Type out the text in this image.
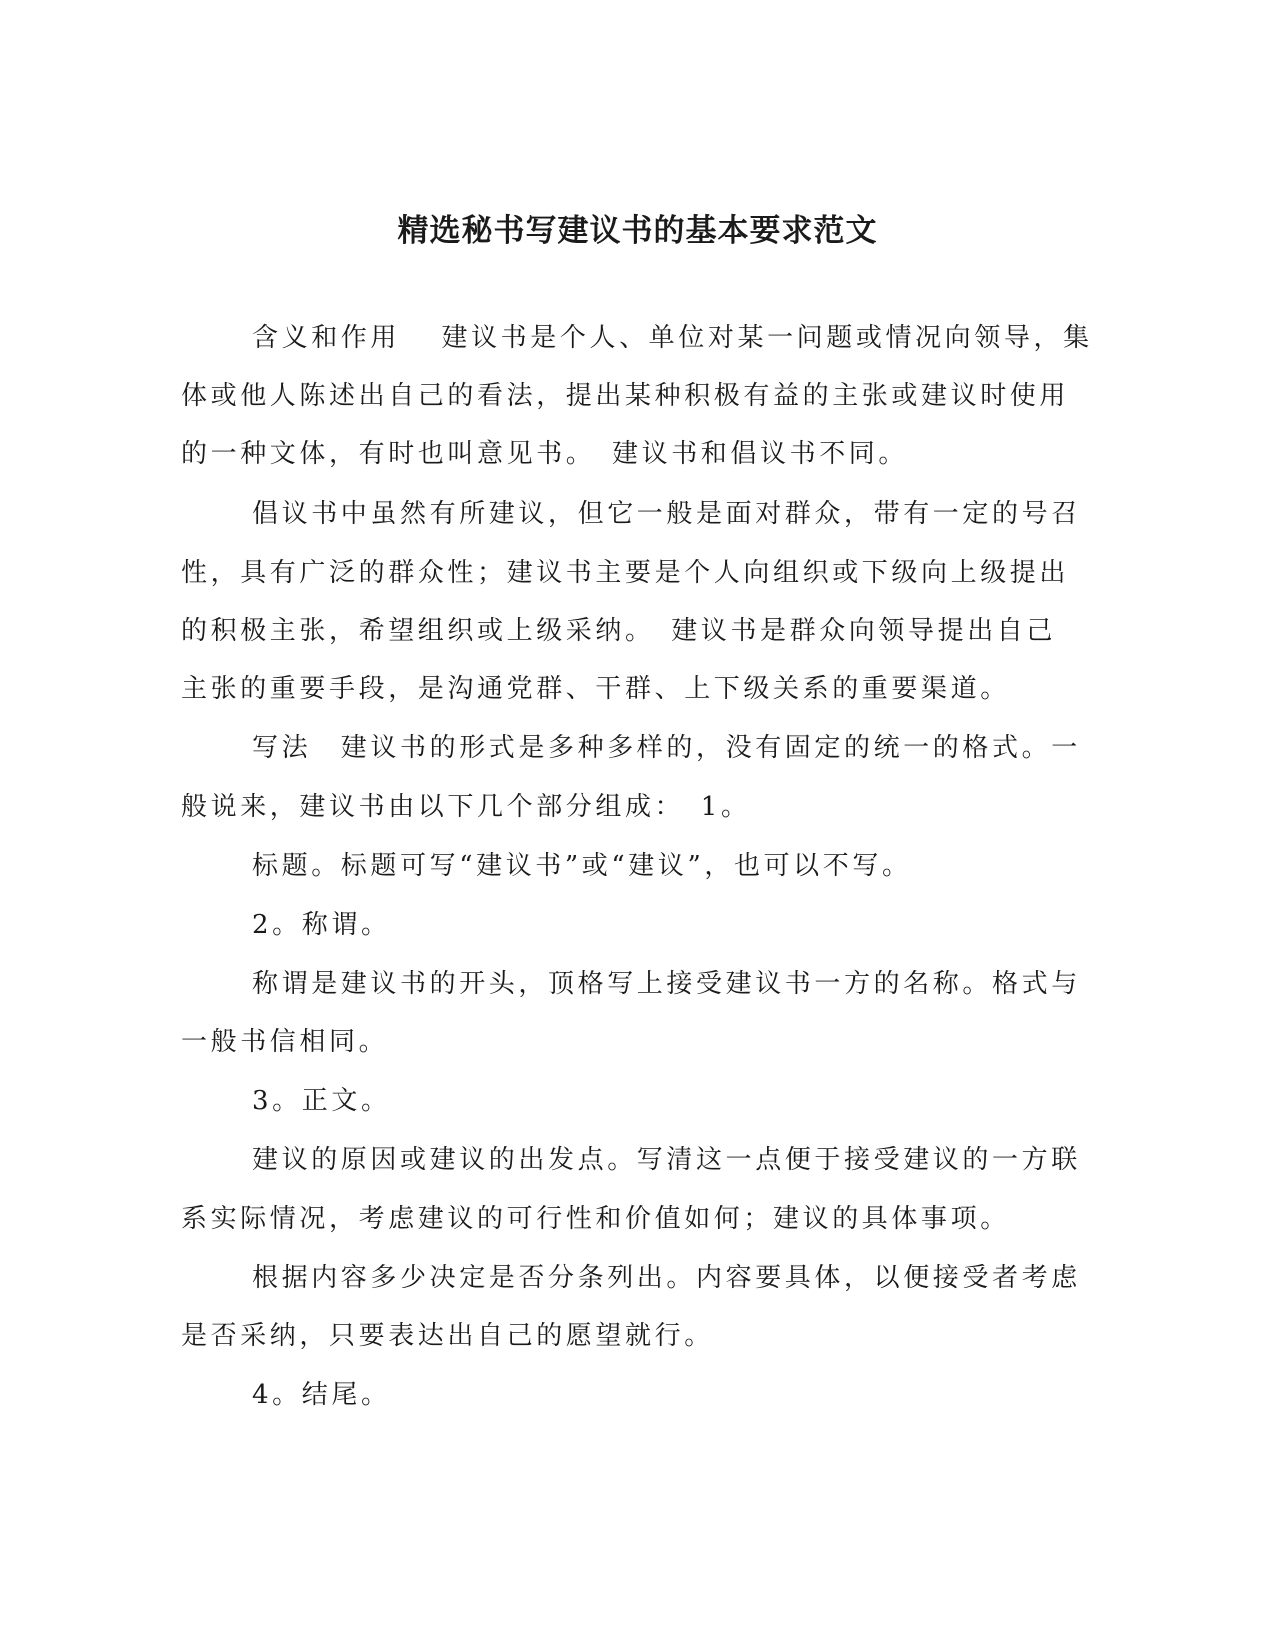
精选秘书写建议书的基本要求范文
含义和作用　 建议书是个人、单位对某一问题或情况向领导，集
体或他人陈述出自己的看法，提出某种积极有益的主张或建议时使用
的一种文体，有时也叫意见书。　建议书和倡议书不同。
倡议书中虽然有所建议，但它一般是面对群众，带有一定的号召
性，具有广泛的群众性；建议书主要是个人向组织或下级向上级提出
的积极主张，希望组织或上级采纳。　建议书是群众向领导提出自己
主张的重要手段，是沟通党群、干群、上下级关系的重要渠道。
写法　建议书的形式是多种多样的，没有固定的统一的格式。一
般说来，建议书由以下几个部分组成：　1。
标题。标题可写“建议书”或“建议”，也可以不写。
2。称谓。
称谓是建议书的开头，顶格写上接受建议书一方的名称。格式与
一般书信相同。
3。正文。
建议的原因或建议的出发点。写清这一点便于接受建议的一方联
系实际情况，考虑建议的可行性和价值如何；建议的具体事项。
根据内容多少决定是否分条列出。内容要具体，以便接受者考虑
是否采纳，只要表达出自己的愿望就行。
4。结尾。
